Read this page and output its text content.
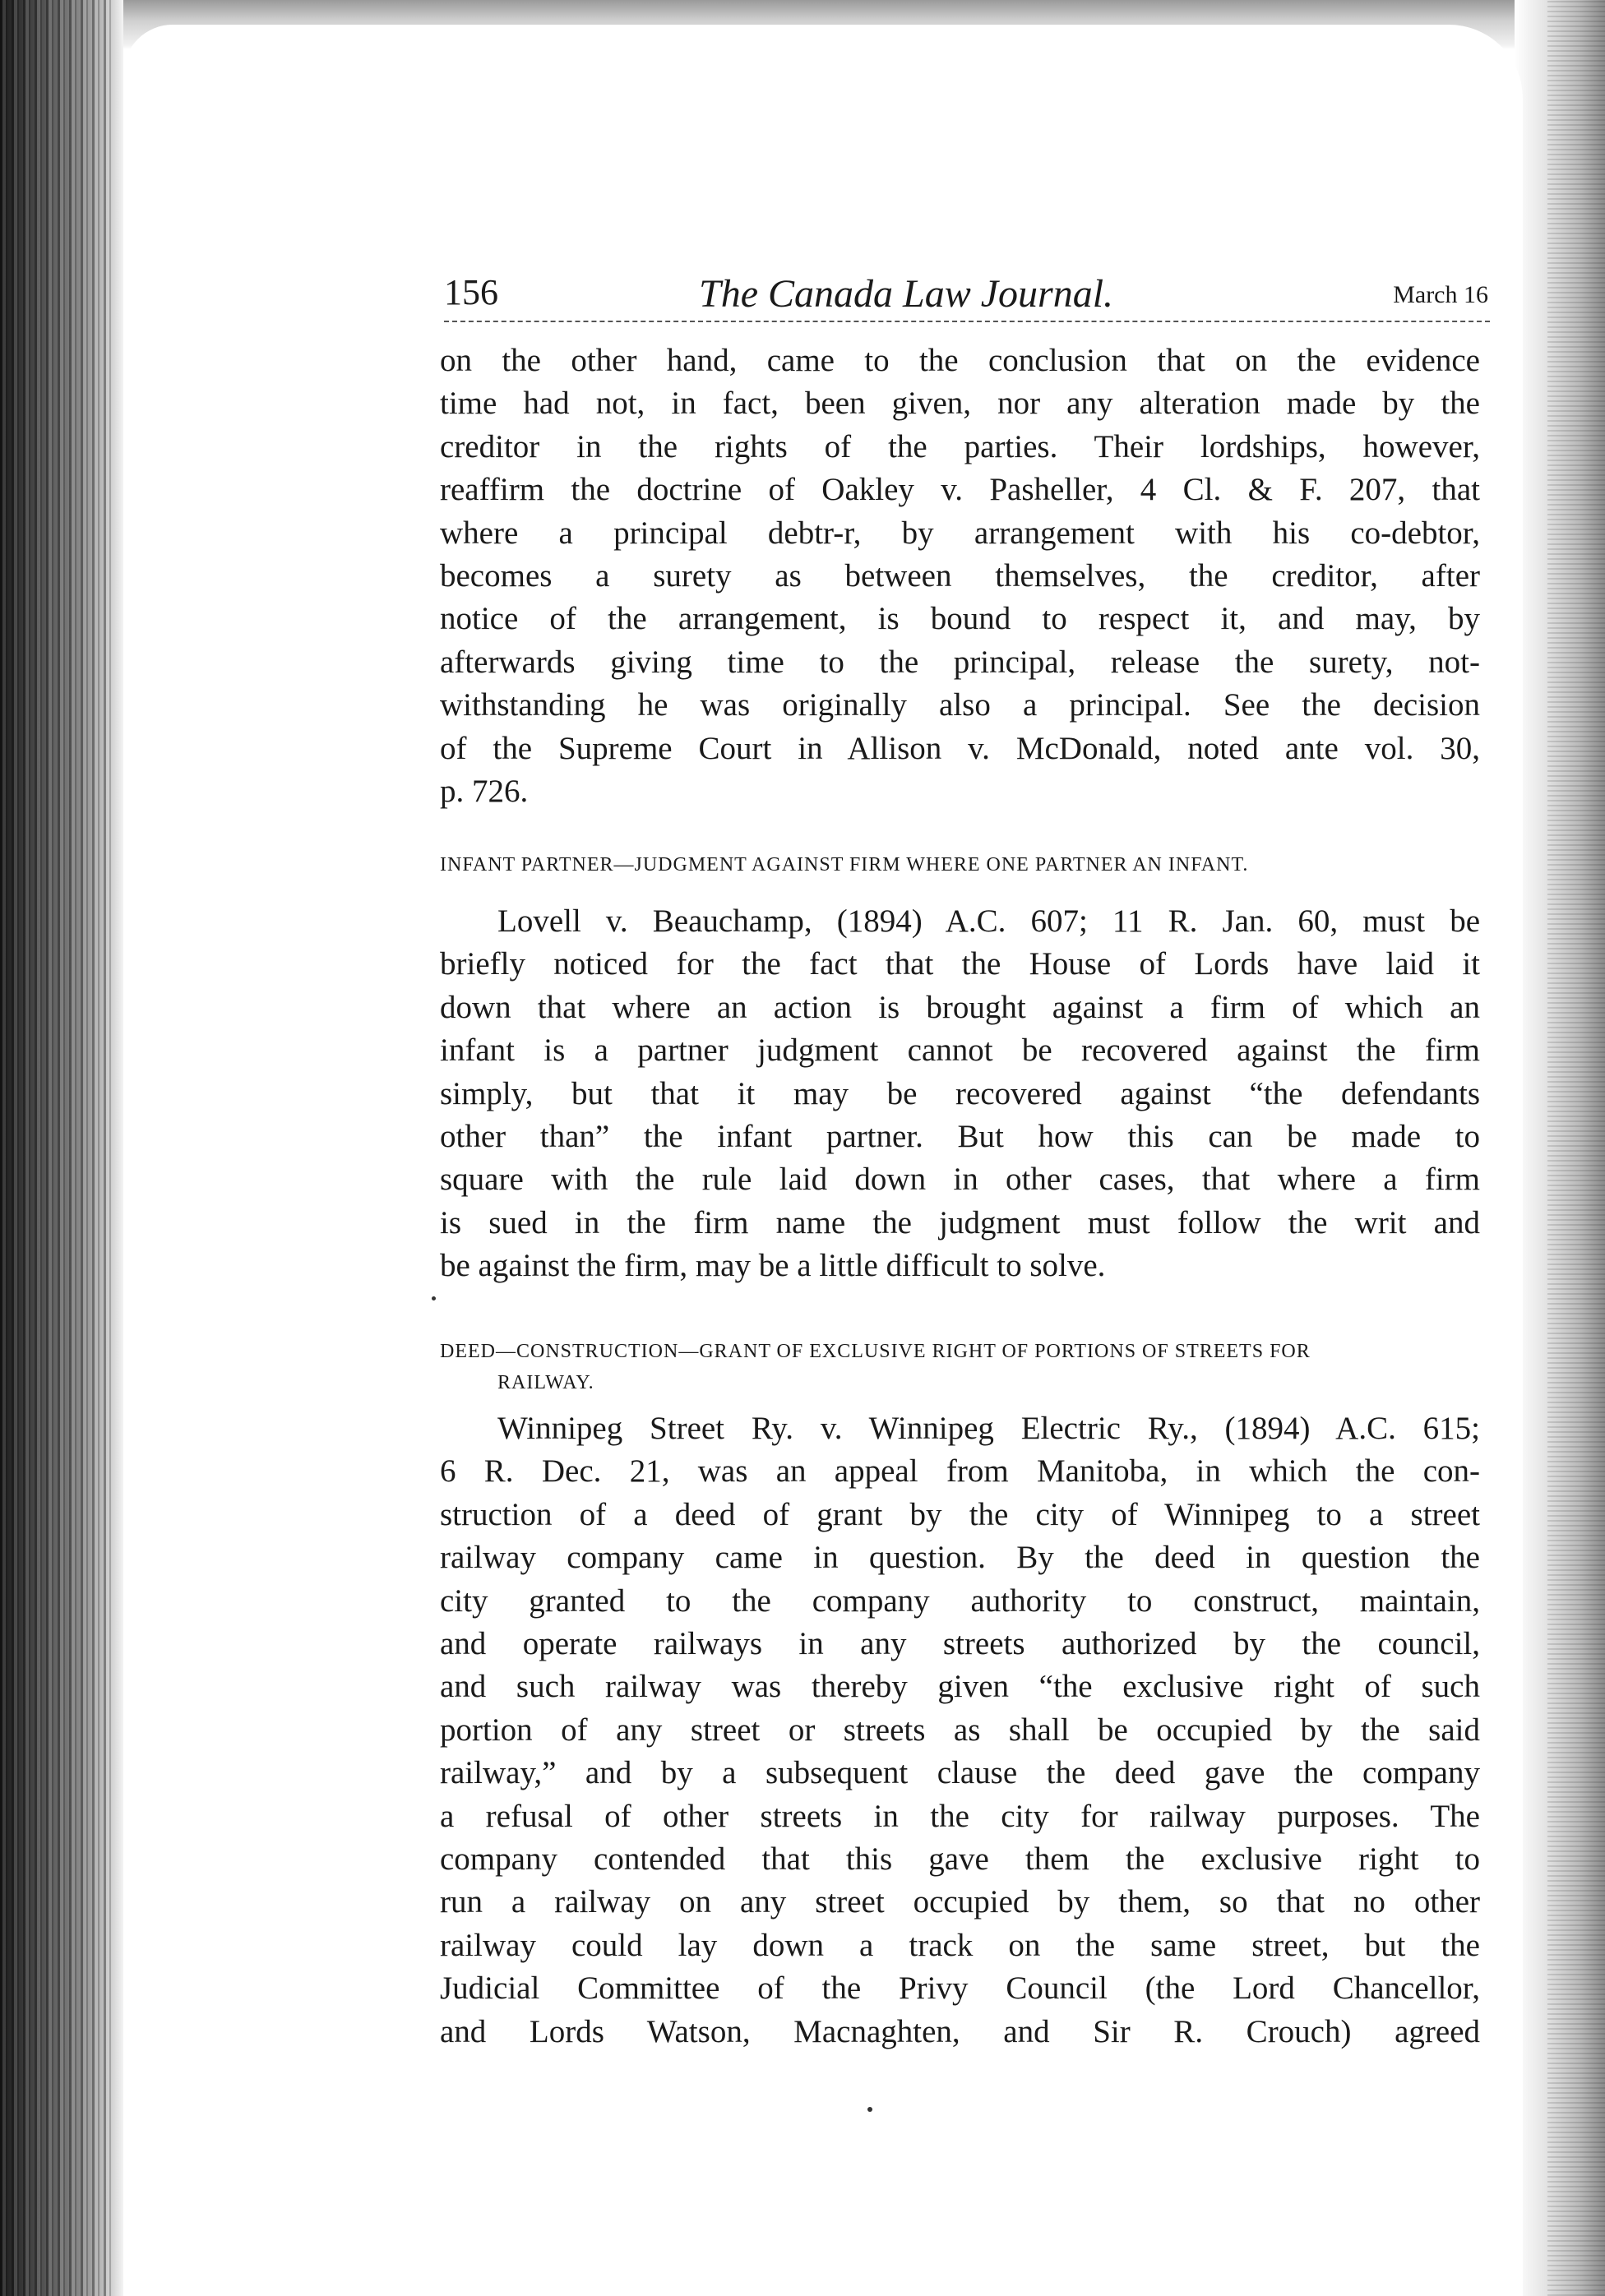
156	The Canada Law Journal.	March 16
on the other hand, came to the conclusion that on the evidence
time had not, in fact, been given, nor any alteration made by the
creditor in the rights of the parties. Their lordships, however,
reaffirm the doctrine of Oakley v. Pasheller, 4 Cl. & F. 207, that
where a principal debtr-r, by arrangement with his co-debtor,
becomes a surety as between themselves, the creditor, after
notice of the arrangement, is bound to respect it, and may, by
afterwards giving time to the principal, release the surety, not-
withstanding he was originally also a principal. See the decision
of the Supreme Court in Allison v. McDonald, noted ante vol. 30,
p. 726.
INFANT PARTNER—JUDGMENT AGAINST FIRM WHERE ONE PARTNER AN INFANT.
Lovell v. Beauchamp, (1894) A.C. 607; 11 R. Jan. 60, must be
briefly noticed for the fact that the House of Lords have laid it
down that where an action is brought against a firm of which an
infant is a partner judgment cannot be recovered against the firm
simply, but that it may be recovered against “the defendants
other than” the infant partner. But how this can be made to
square with the rule laid down in other cases, that where a firm
is sued in the firm name the judgment must follow the writ and
be against the firm, may be a little difficult to solve.
DEED—CONSTRUCTION—GRANT OF EXCLUSIVE RIGHT OF PORTIONS OF STREETS FOR
RAILWAY.
Winnipeg Street Ry. v. Winnipeg Electric Ry., (1894) A.C. 615;
6 R. Dec. 21, was an appeal from Manitoba, in which the con-
struction of a deed of grant by the city of Winnipeg to a street
railway company came in question. By the deed in question the
city granted to the company authority to construct, maintain,
and operate railways in any streets authorized by the council,
and such railway was thereby given “the exclusive right of such
portion of any street or streets as shall be occupied by the said
railway,” and by a subsequent clause the deed gave the company
a refusal of other streets in the city for railway purposes. The
company contended that this gave them the exclusive right to
run a railway on any street occupied by them, so that no other
railway could lay down a track on the same street, but the
Judicial Committee of the Privy Council (the Lord Chancellor,
and Lords Watson, Macnaghten, and Sir R. Crouch) agreed
